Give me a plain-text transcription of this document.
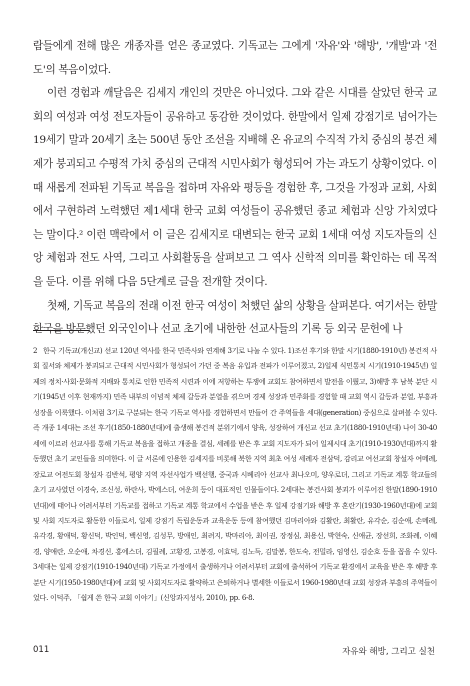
람들에게 전해 많은 개종자를 얻은 종교였다. 기독교는 그에게 '자유'와 '해방', '개발'과 '전도'의 복음이었다.

이런 경험과 깨달음은 김세지 개인의 것만은 아니었다. 그와 같은 시대를 살았던 한국 교회의 여성과 여성 전도자들이 공유하고 동감한 것이었다. 한말에서 일제 강점기로 넘어가는 19세기 말과 20세기 초는 500년 동안 조선을 지배해 온 유교의 수직적 가치 중심의 봉건 체제가 붕괴되고 수평적 가치 중심의 근대적 시민사회가 형성되어 가는 과도기 상황이었다. 이때 새롭게 전파된 기독교 복음을 접하며 자유와 평등을 경험한 후, 그것을 가정과 교회, 사회에서 구현하려 노력했던 제1세대 한국 교회 여성들이 공유했던 종교 체험과 신앙 가치였다는 말이다.² 이런 맥락에서 이 글은 김세지로 대변되는 한국 교회 1세대 여성 지도자들의 신앙 체험과 전도 사역, 그리고 사회활동을 살펴보고 그 역사 신학적 의미를 확인하는 데 목적을 둔다. 이를 위해 다음 5단계로 글을 전개할 것이다.

첫째, 기독교 복음의 전래 이전 한국 여성이 처했던 삶의 상황을 살펴본다. 여기서는 한말 한국을 방문했던 외국인이나 선교 초기에 내한한 선교사들의 기록 등 외국 문헌에 나

2 한국 기독교(개신교) 선교 120년 역사를 한국 민족사와 연계해 3기로 나눌 수 있다. 1)조선 후기와 한말 시기(1880-1910년) 봉건적 사회 질서와 체제가 붕괴되고 근대적 시민사회가 형성되어 가던 중 복음 유입과 전파가 이루어졌고, 2)일제 식민통치 시기(1910-1945년) 일제의 정치·사회·문화적 지배와 통치로 인한 민족적 시련과 이에 저항하는 투쟁에 교회도 참여하면서 발전을 이뤘고, 3)해방 후 남북 분단 시기(1945년 이후 현재까지) 민족 내부의 이념적 체제 갈등과 분열을 겪으며 경제 성장과 민주화를 경험할 때 교회 역시 갈등과 분열, 부흥과 성장을 이룩했다. 이처럼 3기로 구분되는 한국 기독교 역사를 경험하면서 만들어 간 주역들을 세대(generation) 중심으로 살펴볼 수 있다. 즉 개종 1세대는 조선 후기(1850-1880년대)에 출생해 봉건적 분위기에서 양육, 성장하여 개신교 선교 초기(1880-1910년대) 나이 30-40세에 이르러 선교사를 통해 기독교 복음을 접하고 개종을 결심, 세례를 받은 후 교회 지도자가 되어 일제시대 초기(1910-1930년대)까지 활동했던 초기 교인들을 의미한다. 이 글 서론에 인용한 김세지를 비롯해 북한 지역 최초 여성 세례자 전삼덕, 감리교 여선교회 창설자 여메례, 장로교 여전도회 창설자 김반석, 평양 지역 자선사업가 백선행, 중국과 시베리아 선교사 최나오미, 양우로더, 그리고 기독교 계통 학교들의 초기 교사였던 이경숙, 조신성, 하란사, 박에스더, 여운희 등이 대표적인 인물들이다. 2세대는 봉건사회 붕괴가 이루어진 한말(1890-1910년대)에 태어나 어려서부터 기독교를 접하고 기독교 계통 학교에서 수업을 받은 후 일제 강점기와 해방 후 혼란기(1930-1960년대)에 교회 및 사회 지도자로 활동한 이들로서, 일제 강점기 독립운동과 교육운동 등에 참여했던 김마리아와 김활란, 최활란, 유각순, 김순애, 손메례, 유각경, 황애덕, 황신덕, 박인덕, 백신영, 김성무, 방애인, 최려지, 박마리아, 최이권, 장정심, 최용신, 박현숙, 신애균, 장선희, 조화례, 이혜경, 양애란, 오순애, 차경신, 홍에스더, 김필례, 고황경, 고봉경, 이효덕, 김노득, 김말봉, 한도숙, 전밀라, 임영신, 김순호 등을 꼽을 수 있다. 3세대는 일제 강점기(1910-1940년대) 기독교 가정에서 출생하거나 어려서부터 교회에 출석하여 기독교 환경에서 교육을 받은 후 해방 후 분단 시기(1950-1980년대)에 교회 및 사회지도자로 활약하고 은퇴하거나 별세한 이들로서 1960-1980년대 교회 성장과 부흥의 주역들이었다. 이덕주, 「쉽게 쓴 한국 교회 이야기」(신앙과지성사, 2010), pp. 6-8.

011	자유와 해방, 그리고 실천
